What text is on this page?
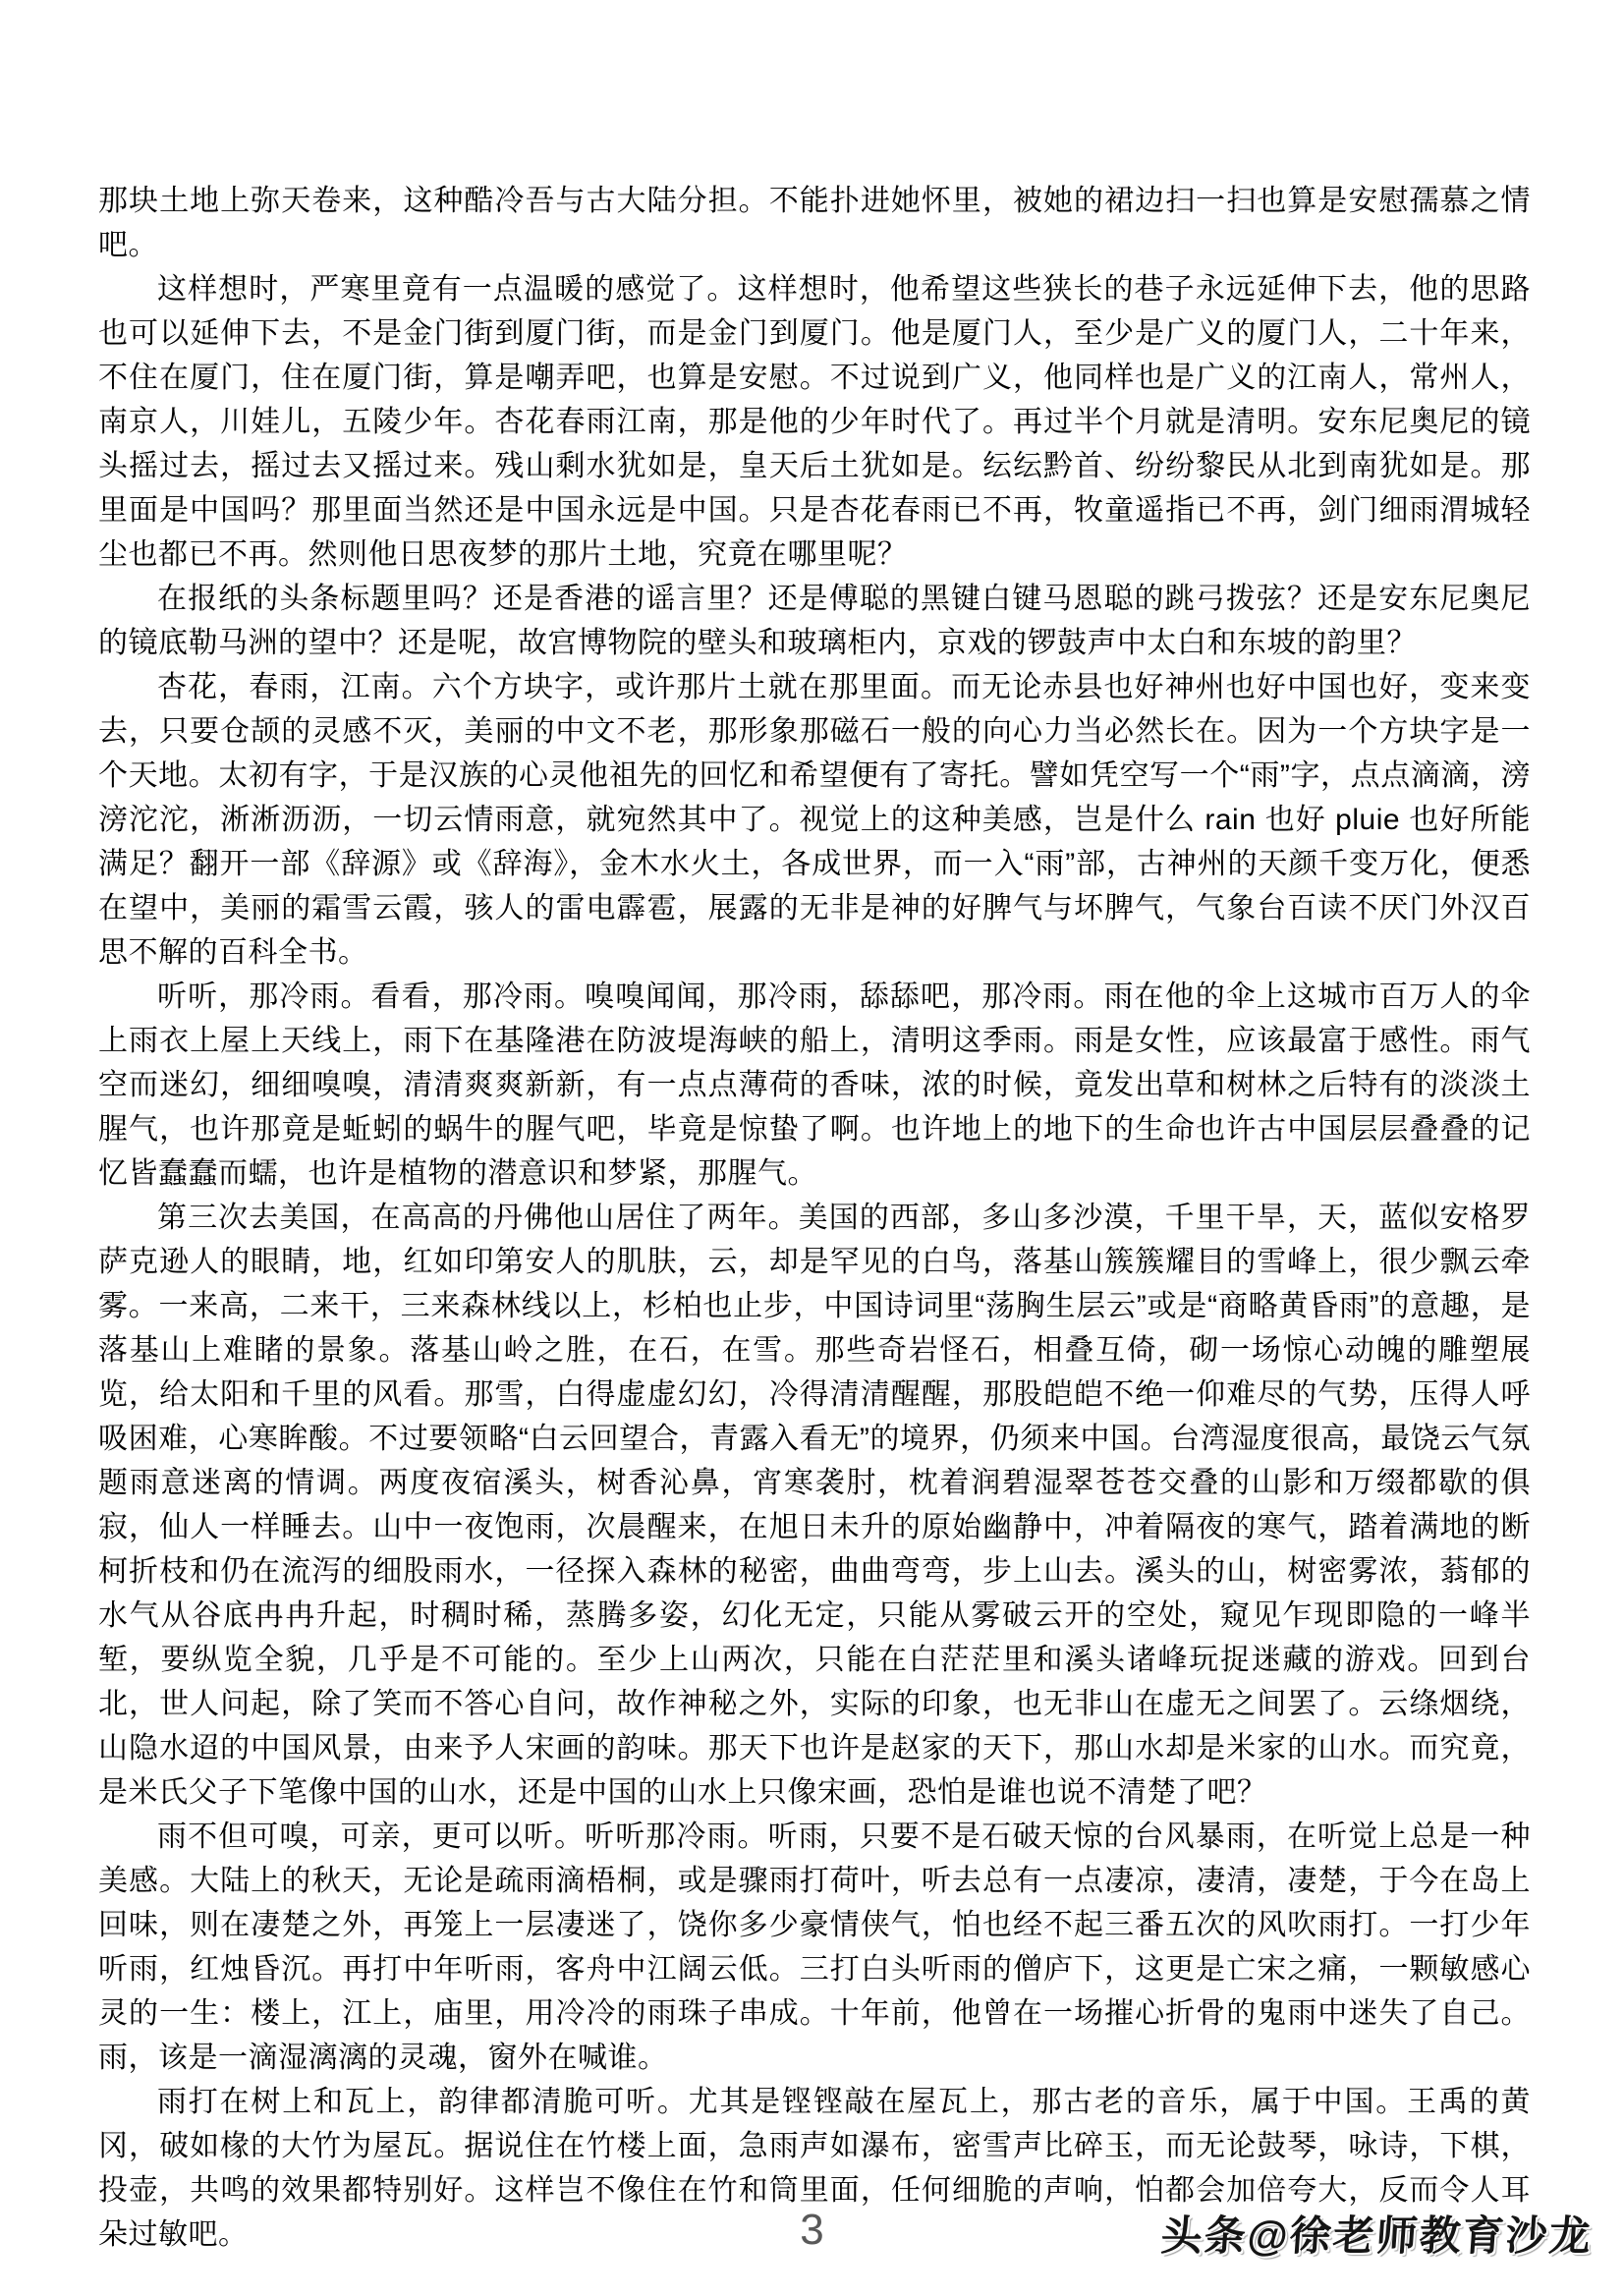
那块土地上弥天卷来，这种酷冷吾与古大陆分担。不能扑进她怀里，被她的裙边扫一扫也算是安慰孺慕之情吧。

这样想时，严寒里竟有一点温暖的感觉了。这样想时，他希望这些狭长的巷子永远延伸下去，他的思路也可以延伸下去，不是金门街到厦门街，而是金门到厦门。他是厦门人，至少是广义的厦门人，二十年来，不住在厦门，住在厦门街，算是嘲弄吧，也算是安慰。不过说到广义，他同样也是广义的江南人，常州人，南京人，川娃儿，五陵少年。杏花春雨江南，那是他的少年时代了。再过半个月就是清明。安东尼奥尼的镜头摇过去，摇过去又摇过来。残山剩水犹如是，皇天后土犹如是。纭纭黔首、纷纷黎民从北到南犹如是。那里面是中国吗？那里面当然还是中国永远是中国。只是杏花春雨已不再，牧童遥指已不再，剑门细雨渭城轻尘也都已不再。然则他日思夜梦的那片土地，究竟在哪里呢？

在报纸的头条标题里吗？还是香港的谣言里？还是傅聪的黑键白键马恩聪的跳弓拨弦？还是安东尼奥尼的镜底勒马洲的望中？还是呢，故宫博物院的壁头和玻璃柜内，京戏的锣鼓声中太白和东坡的韵里？

杏花，春雨，江南。六个方块字，或许那片土就在那里面。而无论赤县也好神州也好中国也好，变来变去，只要仓颉的灵感不灭，美丽的中文不老，那形象那磁石一般的向心力当必然长在。因为一个方块字是一个天地。太初有字，于是汉族的心灵他祖先的回忆和希望便有了寄托。譬如凭空写一个“雨”字，点点滴滴，滂滂沱沱，淅淅沥沥，一切云情雨意，就宛然其中了。视觉上的这种美感，岂是什么 rain 也好 pluie 也好所能满足？翻开一部《辞源》或《辞海》，金木水火土，各成世界，而一入“雨”部，古神州的天颜千变万化，便悉在望中，美丽的霜雪云霞，骇人的雷电霹雹，展露的无非是神的好脾气与坏脾气，气象台百读不厌门外汉百思不解的百科全书。

听听，那冷雨。看看，那冷雨。嗅嗅闻闻，那冷雨，舔舔吧，那冷雨。雨在他的伞上这城市百万人的伞上雨衣上屋上天线上，雨下在基隆港在防波堤海峡的船上，清明这季雨。雨是女性，应该最富于感性。雨气空而迷幻，细细嗅嗅，清清爽爽新新，有一点点薄荷的香味，浓的时候，竟发出草和树林之后特有的淡淡土腥气，也许那竟是蚯蚓的蜗牛的腥气吧，毕竟是惊蛰了啊。也许地上的地下的生命也许古中国层层叠叠的记忆皆蠢蠢而蠕，也许是植物的潜意识和梦紧，那腥气。

第三次去美国，在高高的丹佛他山居住了两年。美国的西部，多山多沙漠，千里干旱，天，蓝似安格罗萨克逊人的眼睛，地，红如印第安人的肌肤，云，却是罕见的白鸟，落基山簇簇耀目的雪峰上，很少飘云牵雾。一来高，二来干，三来森林线以上，杉柏也止步，中国诗词里“荡胸生层云”或是“商略黄昏雨”的意趣，是落基山上难睹的景象。落基山岭之胜，在石，在雪。那些奇岩怪石，相叠互倚，砌一场惊心动魄的雕塑展览，给太阳和千里的风看。那雪，白得虚虚幻幻，冷得清清醒醒，那股皑皑不绝一仰难尽的气势，压得人呼吸困难，心寒眸酸。不过要领略“白云回望合，青露入看无”的境界，仍须来中国。台湾湿度很高，最饶云气氛题雨意迷离的情调。两度夜宿溪头，树香沁鼻，宵寒袭肘，枕着润碧湿翠苍苍交叠的山影和万缀都歇的俱寂，仙人一样睡去。山中一夜饱雨，次晨醒来，在旭日未升的原始幽静中，冲着隔夜的寒气，踏着满地的断柯折枝和仍在流泻的细股雨水，一径探入森林的秘密，曲曲弯弯，步上山去。溪头的山，树密雾浓，蓊郁的水气从谷底冉冉升起，时稠时稀，蒸腾多姿，幻化无定，只能从雾破云开的空处，窥见乍现即隐的一峰半堑，要纵览全貌，几乎是不可能的。至少上山两次，只能在白茫茫里和溪头诸峰玩捉迷藏的游戏。回到台北，世人问起，除了笑而不答心自问，故作神秘之外，实际的印象，也无非山在虚无之间罢了。云绦烟绕，山隐水迢的中国风景，由来予人宋画的韵味。那天下也许是赵家的天下，那山水却是米家的山水。而究竟，是米氏父子下笔像中国的山水，还是中国的山水上只像宋画，恐怕是谁也说不清楚了吧？

雨不但可嗅，可亲，更可以听。听听那冷雨。听雨，只要不是石破天惊的台风暴雨，在听觉上总是一种美感。大陆上的秋天，无论是疏雨滴梧桐，或是骤雨打荷叶，听去总有一点凄凉，凄清，凄楚，于今在岛上回味，则在凄楚之外，再笼上一层凄迷了，饶你多少豪情侠气，怕也经不起三番五次的风吹雨打。一打少年听雨，红烛昏沉。再打中年听雨，客舟中江阔云低。三打白头听雨的僧庐下，这更是亡宋之痛，一颗敏感心灵的一生：楼上，江上，庙里，用冷冷的雨珠子串成。十年前，他曾在一场摧心折骨的鬼雨中迷失了自己。雨，该是一滴湿漓漓的灵魂，窗外在喊谁。

雨打在树上和瓦上，韵律都清脆可听。尤其是铿铿敲在屋瓦上，那古老的音乐，属于中国。王禹的黄冈，破如椽的大竹为屋瓦。据说住在竹楼上面，急雨声如瀑布，密雪声比碎玉，而无论鼓琴，咏诗，下棋，投壶，共鸣的效果都特别好。这样岂不像住在竹和筒里面，任何细脆的声响，怕都会加倍夸大，反而令人耳朵过敏吧。	3	头条@徐老师教育沙龙
